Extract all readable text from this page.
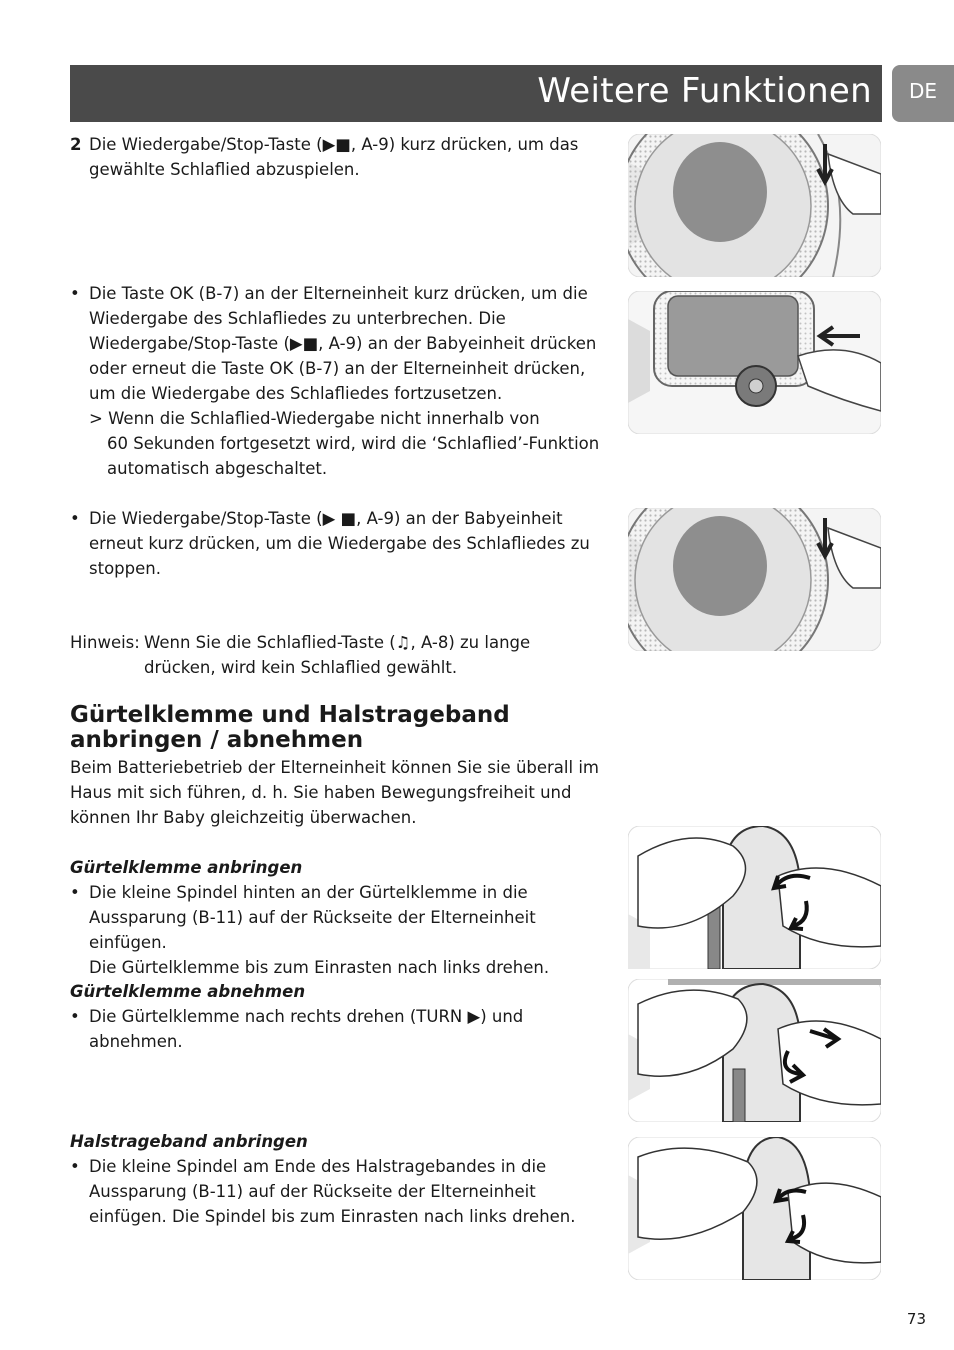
Weitere Funktionen	DE
2 Die Wiedergabe/Stop-Taste (▶■, A-9) kurz drücken, um das
gewählte Schlaflied abzuspielen.
• Die Taste OK (B-7) an der Elterneinheit kurz drücken, um die
Wiedergabe des Schlafliedes zu unterbrechen. Die
Wiedergabe/Stop-Taste (▶■, A-9) an der Babyeinheit drücken
oder erneut die Taste OK (B-7) an der Elterneinheit drücken,
um die Wiedergabe des Schlafliedes fortzusetzen.
> Wenn die Schlaflied-Wiedergabe nicht innerhalb von
60 Sekunden fortgesetzt wird, wird die ‘Schlaflied’-Funktion
automatisch abgeschaltet.
• Die Wiedergabe/Stop-Taste (▶ ■, A-9) an der Babyeinheit
erneut kurz drücken, um die Wiedergabe des Schlafliedes zu
stoppen.
Hinweis: Wenn Sie die Schlaflied-Taste (♫, A-8) zu lange
drücken, wird kein Schlaflied gewählt.
Gürtelklemme und Halstrageband
anbringen / abnehmen
Beim Batteriebetrieb der Elterneinheit können Sie sie überall im
Haus mit sich führen, d. h. Sie haben Bewegungsfreiheit und
können Ihr Baby gleichzeitig überwachen.
Gürtelklemme anbringen
• Die kleine Spindel hinten an der Gürtelklemme in die
Aussparung (B-11) auf der Rückseite der Elterneinheit einfügen.
Die Gürtelklemme bis zum Einrasten nach links drehen.
Gürtelklemme abnehmen
• Die Gürtelklemme nach rechts drehen (TURN ▶) und
abnehmen.
Halstrageband anbringen
• Die kleine Spindel am Ende des Halstragebandes in die
Aussparung (B-11) auf der Rückseite der Elterneinheit
einfügen. Die Spindel bis zum Einrasten nach links drehen.
73
